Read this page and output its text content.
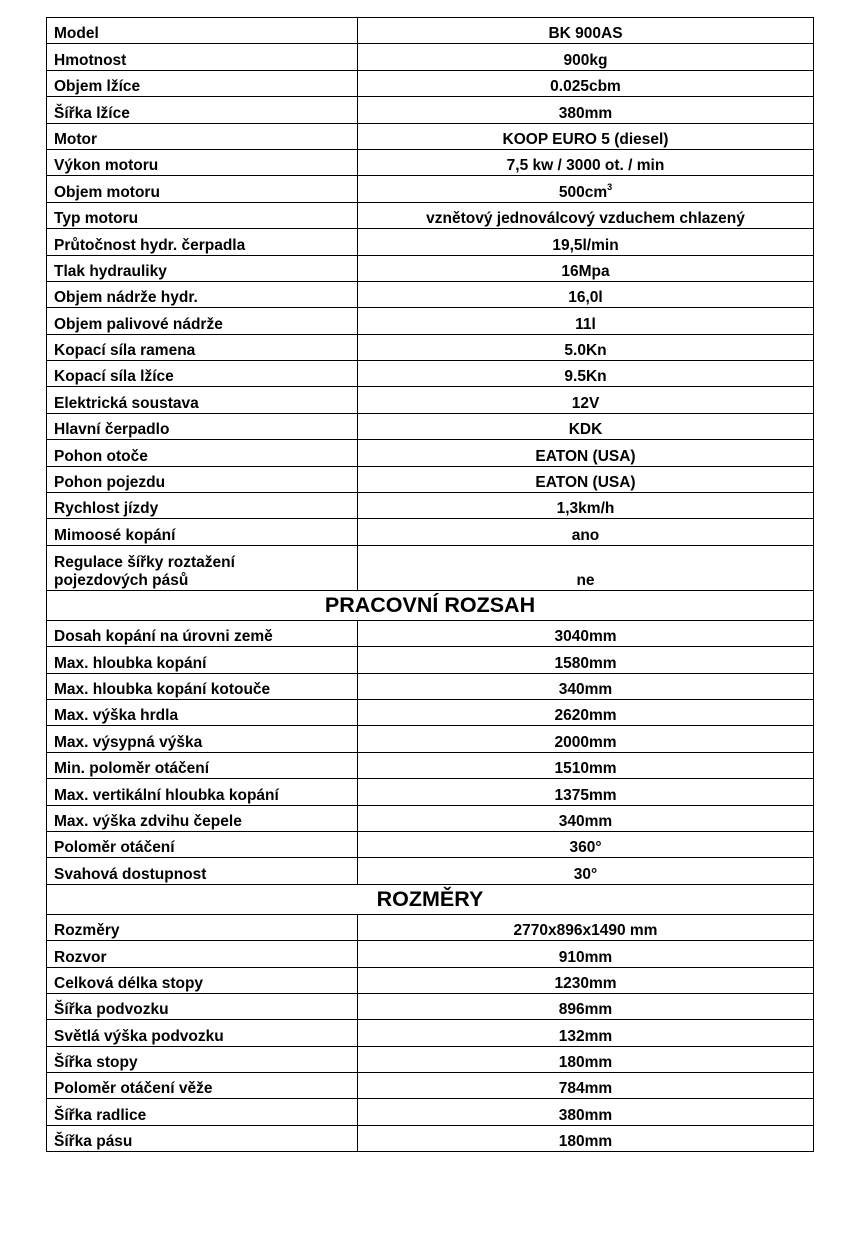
Model	BK 900AS
Hmotnost	900kg
Objem lžíce	0.025cbm
Šířka lžíce	380mm
Motor	KOOP EURO 5 (diesel)
Výkon motoru	7,5 kw / 3000 ot. / min
Objem motoru	$500cm^3$
Typ motoru	vznětový jednoválcový vzduchem chlazený
Průtočnost hydr. čerpadla	19,5l/min
Tlak hydrauliky	16Mpa
Objem nádrže hydr.	16,0l
Objem palivové nádrže	11l
Kopací síla ramena	5.0Kn
Kopací síla lžíce	9.5Kn
Elektrická soustava	12V
Hlavní čerpadlo	KDK
Pohon otoče	EATON (USA)
Pohon pojezdu	EATON (USA)
Rychlost jízdy	1,3km/h
Mimoosé kopání	ano

Regulace šířky roztažení
pojezdových pásů	ne
PRACOVNÍ ROZSAH	
Dosah kopání na úrovni země	3040mm
Max. hloubka kopání	1580mm
Max. hloubka kopání kotouče	340mm
Max. výška hrdla	2620mm
Max. výsypná výška	2000mm
Min. poloměr otáčení	1510mm
Max. vertikální hloubka kopání	1375mm
Max. výška zdvihu čepele	340mm
Poloměr otáčení	360°
Svahová dostupnost	30°
ROZMĚRY	
Rozměry	2770x896x1490 mm
Rozvor	910mm
Celková délka stopy	1230mm
Šířka podvozku	896mm
Světlá výška podvozku	132mm
Šířka stopy	180mm
Poloměr otáčení věže	784mm
Šířka radlice	380mm
Šířka pásu	180mm
